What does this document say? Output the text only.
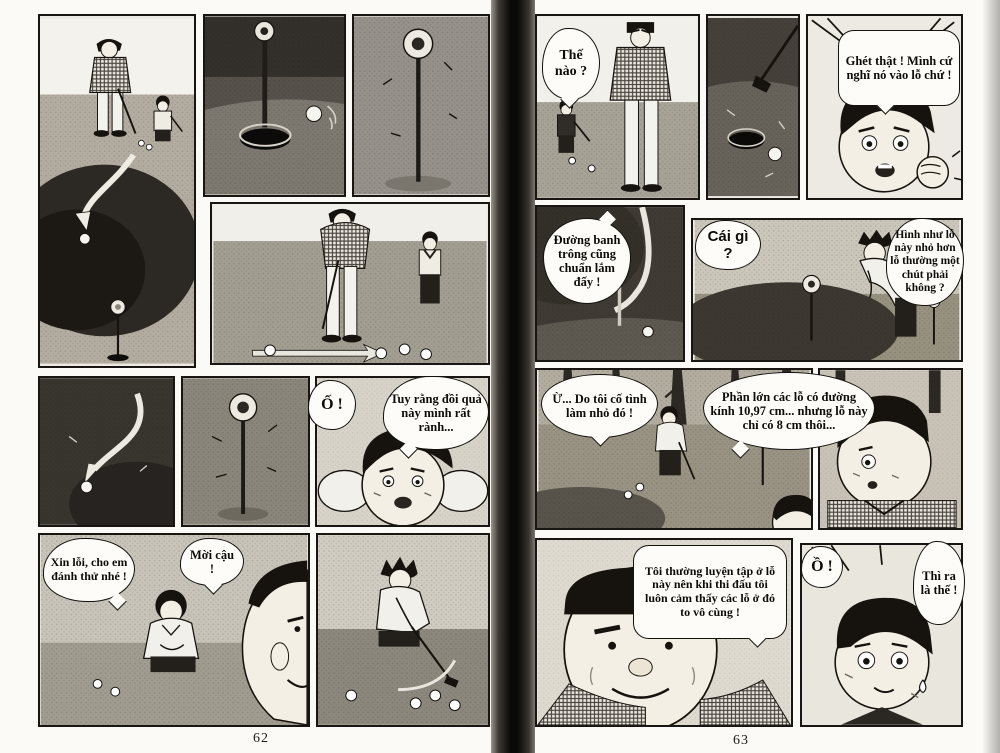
Ố !	Tuy rằng đồi quả này mình rất rành...
Xin lỗi, cho em đánh thử nhé !
Mời cậu !
62
Thế nào ?
Ghét thật ! Mình cứ nghĩ nó vào lỗ chứ !
Đường banh trông cũng chuẩn lắm đấy !
Cái gì ?
Hình như lỗ này nhỏ hơn lỗ thường một chút phải không ?
Ừ... Do tôi cố tình làm nhỏ đó !
Phần lớn các lỗ có đường kính 10,97 cm... nhưng lỗ này chỉ có 8 cm thôi...
Tôi thường luyện tập ở lỗ này nên khi thi đấu tôi luôn cảm thấy các lỗ ở đó to vô cùng !
Ồ !
Thì ra là thế !
63
